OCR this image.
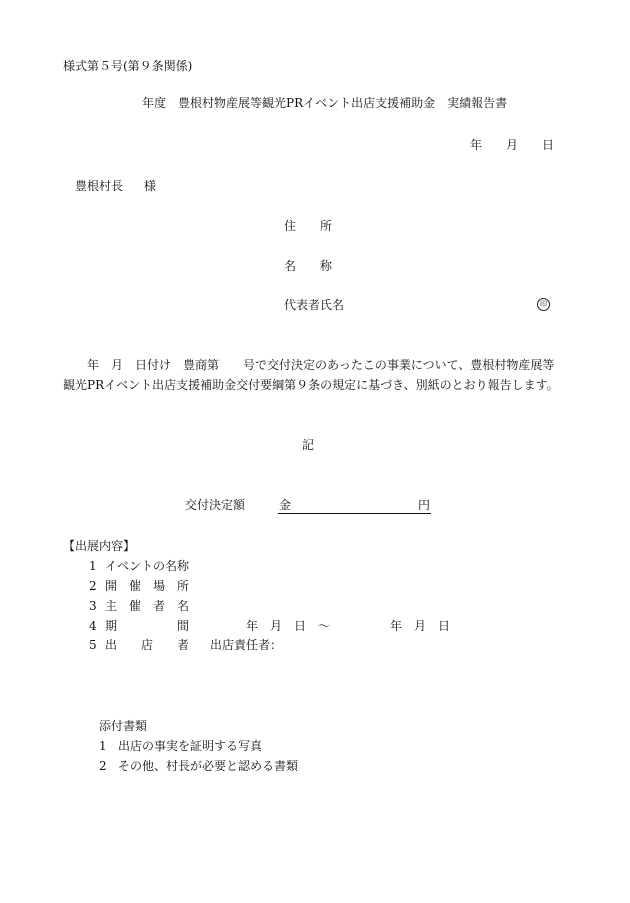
様式第５号(第９条関係)
年度　豊根村物産展等観光PRイベント出店支援補助金　実績報告書

年

月

日

豊根村長 様
住　　所
名　　称
代表者氏名	印
　　年　月　日付け　豊商第　　号で交付決定のあったこの事業について、豊根村物産展等
観光PRイベント出店支援補助金交付要綱第９条の規定に基づき、別紙のとおり報告します。
記
交付決定額	金	円
【出展内容】
1 イベントの名称
2 開　催　場　所
3 主　催　者　名
4 期　　　　　間	年　月　日　～　　　　　年　月　日
5 出　　店　　者 出店責任者：
添付書類
1 出店の事実を証明する写真
2 その他、村長が必要と認める書類
